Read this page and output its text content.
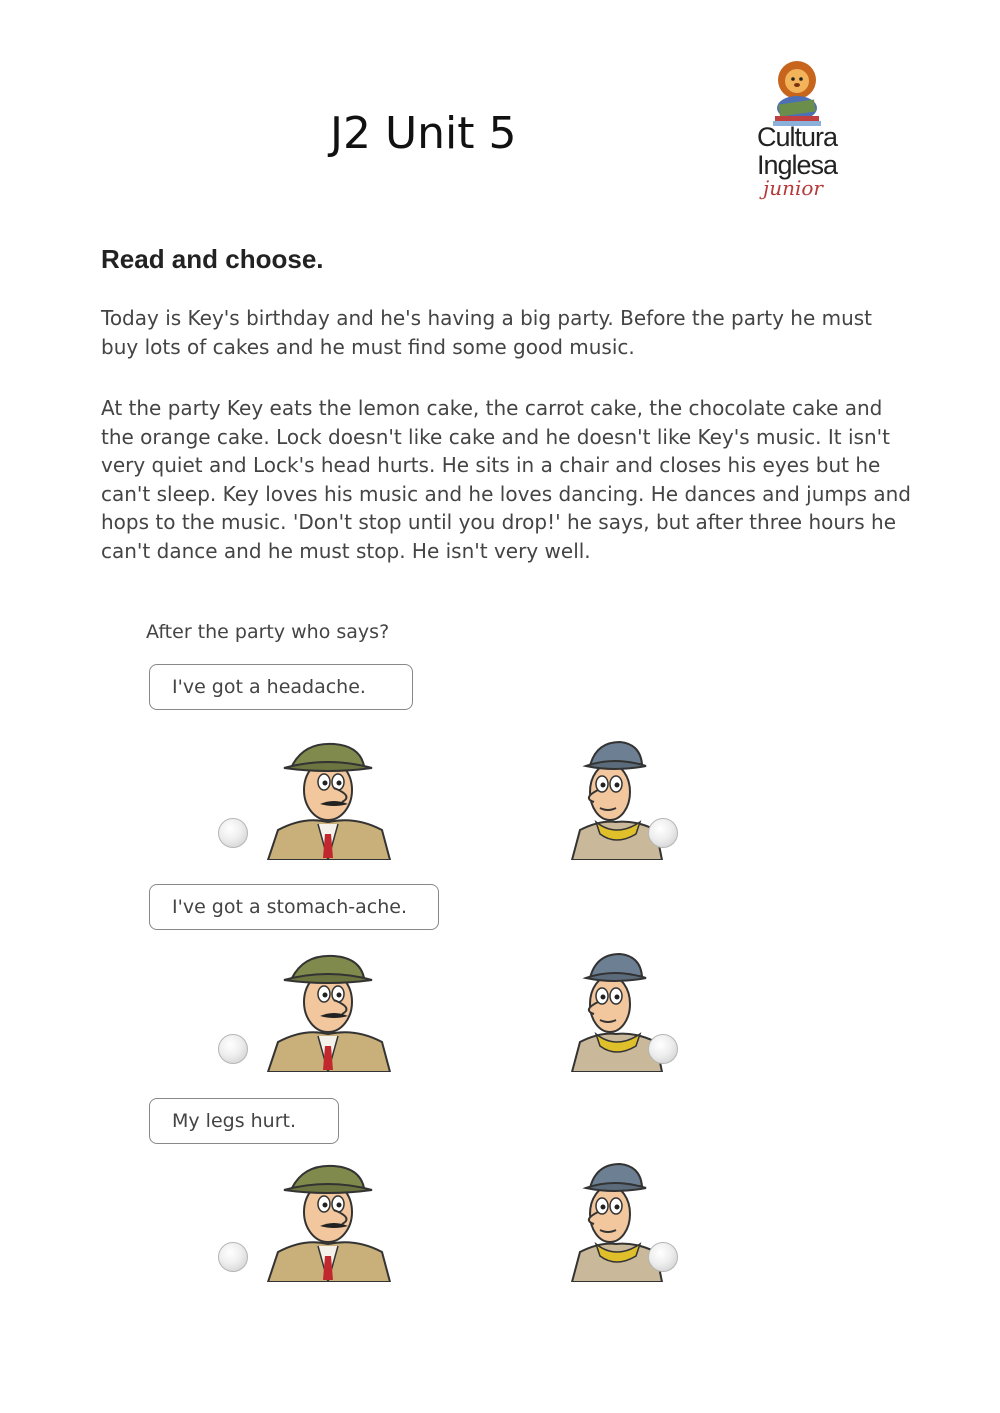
J2 Unit 5	Cultura
Inglesa
junior
Read and choose.
Today is Key's birthday and he's having a big party. Before the party he must buy lots of cakes and he must find some good music.
At the party Key eats the lemon cake, the carrot cake, the chocolate cake and the orange cake. Lock doesn't like cake and he doesn't like Key's music. It isn't very quiet and Lock's head hurts. He sits in a chair and closes his eyes but he can't sleep. Key loves his music and he loves dancing. He dances and jumps and hops to the music. 'Don't stop until you drop!' he says, but after three hours he can't dance and he must stop. He isn't very well.
After the party who says?
I've got a headache.
I've got a stomach-ache.
My legs hurt.
